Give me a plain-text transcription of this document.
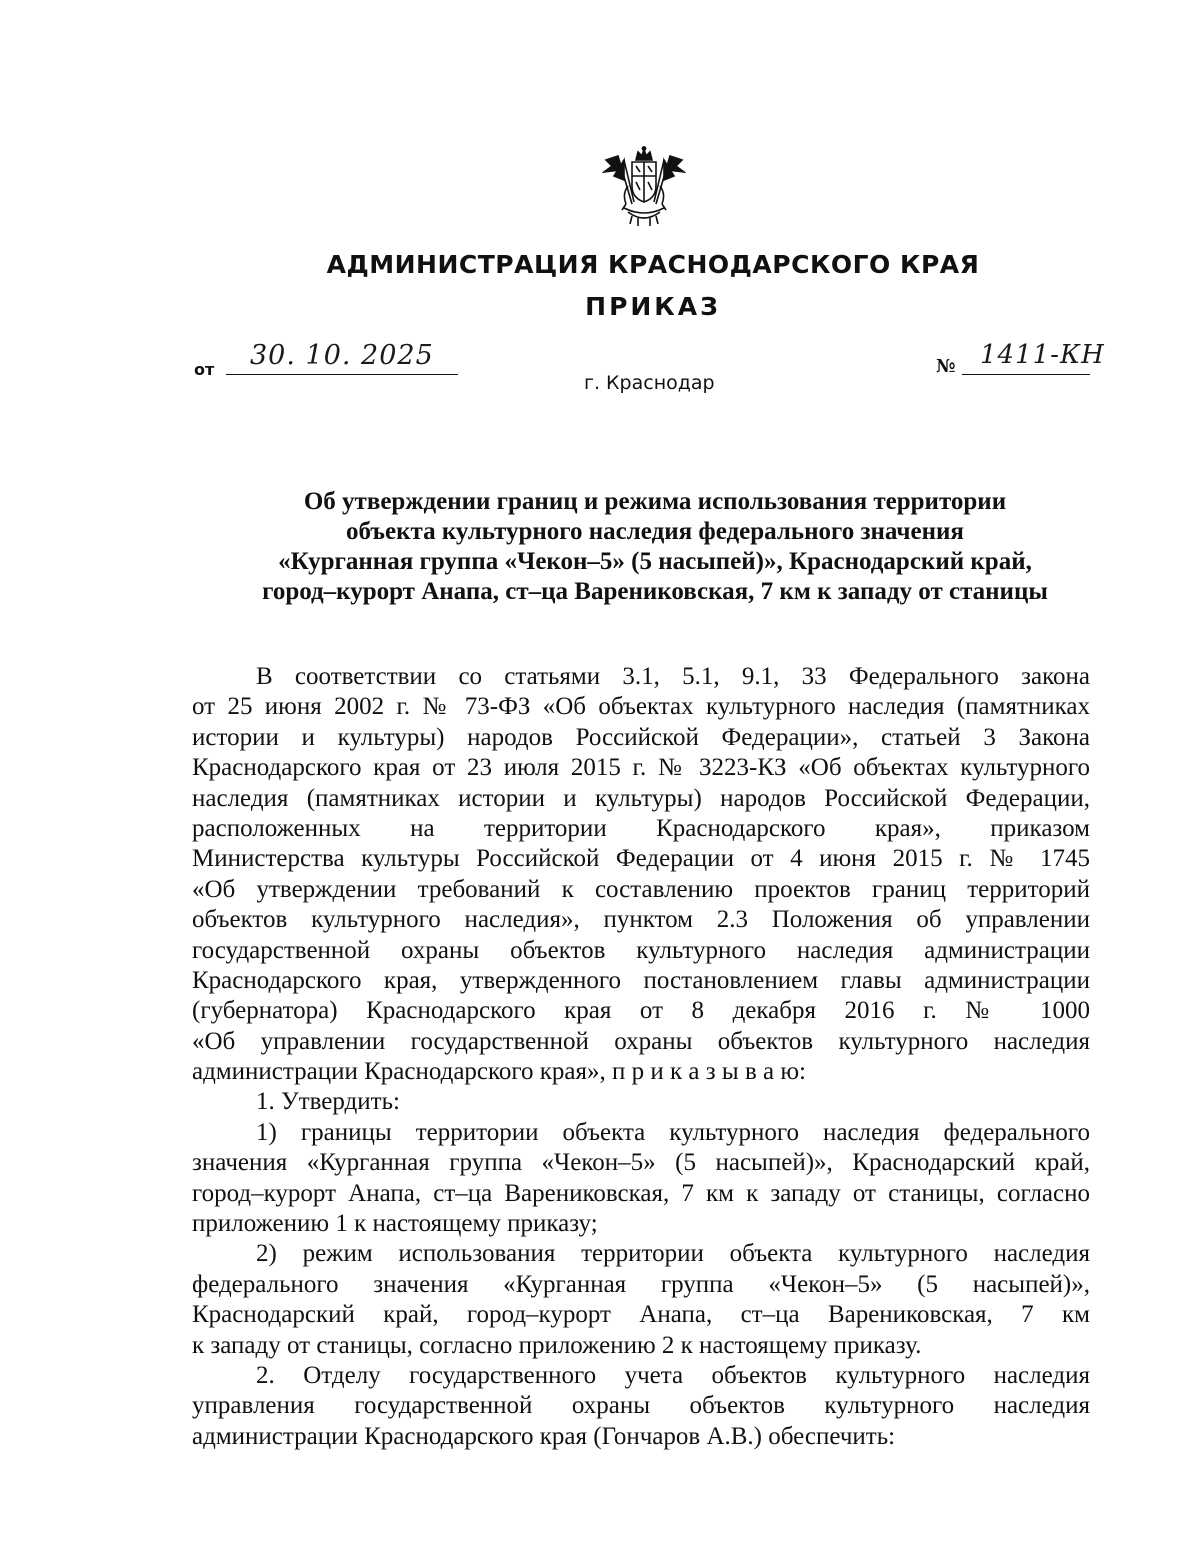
АДМИНИСТРАЦИЯ КРАСНОДАРСКОГО КРАЯ
ПРИКАЗ
от 30. 10. 2025	№ 1411-КН
г. Краснодар
Об утверждении границ и режима использования территории
объекта культурного наследия федерального значения
«Курганная группа «Чекон–5» (5 насыпей)», Краснодарский край,
город–курорт Анапа, ст–ца Варениковская, 7 км к западу от станицы
В соответствии со статьями 3.1, 5.1, 9.1, 33 Федерального закона
от 25 июня 2002 г. № 73-ФЗ «Об объектах культурного наследия (памятниках
истории и культуры) народов Российской Федерации», статьей 3 Закона
Краснодарского края от 23 июля 2015 г. № 3223-КЗ «Об объектах культурного
наследия (памятниках истории и культуры) народов Российской Федерации,
расположенных на территории Краснодарского края», приказом
Министерства культуры Российской Федерации от 4 июня 2015 г. № 1745
«Об утверждении требований к составлению проектов границ территорий
объектов культурного наследия», пунктом 2.3 Положения об управлении
государственной охраны объектов культурного наследия администрации
Краснодарского края, утвержденного постановлением главы администрации
(губернатора) Краснодарского края от 8 декабря 2016 г. № 1000
«Об управлении государственной охраны объектов культурного наследия
администрации Краснодарского края», п р и к а з ы в а ю:
1. Утвердить:
1) границы территории объекта культурного наследия федерального
значения «Курганная группа «Чекон–5» (5 насыпей)», Краснодарский край,
город–курорт Анапа, ст–ца Варениковская, 7 км к западу от станицы, согласно
приложению 1 к настоящему приказу;
2) режим использования территории объекта культурного наследия
федерального значения «Курганная группа «Чекон–5» (5 насыпей)»,
Краснодарский край, город–курорт Анапа, ст–ца Варениковская, 7 км
к западу от станицы, согласно приложению 2 к настоящему приказу.
2. Отделу государственного учета объектов культурного наследия
управления государственной охраны объектов культурного наследия
администрации Краснодарского края (Гончаров А.В.) обеспечить:
